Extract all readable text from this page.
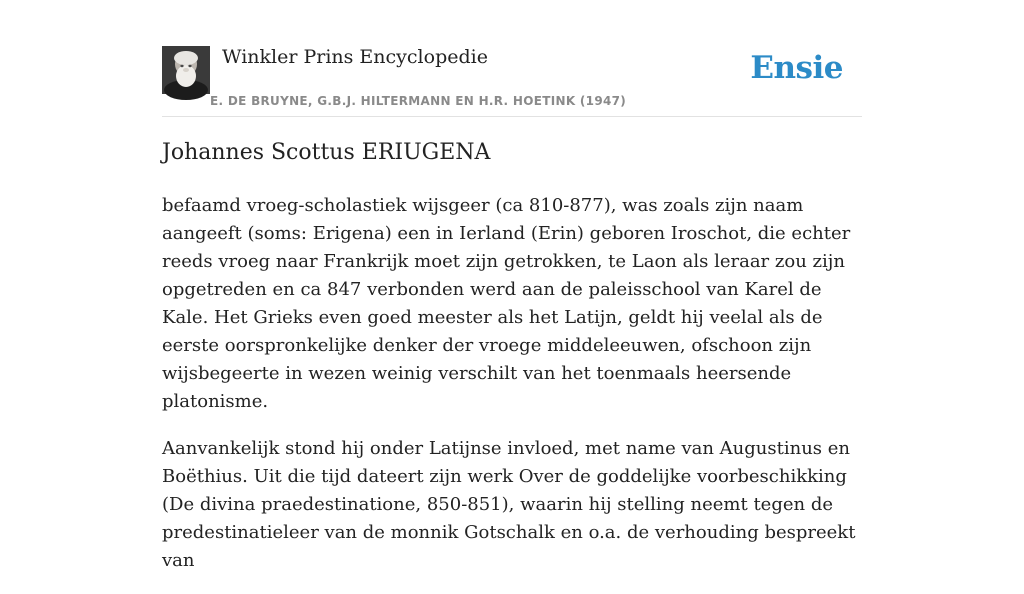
Winkler Prins Encyclopedie
E. DE BRUYNE, G.B.J. HILTERMANN EN H.R. HOETINK (1947)
Ensie
Johannes Scottus ERIUGENA

befaamd vroeg-scholastiek wijsgeer (ca 810-877), was zoals zijn naam aangeeft (soms: Erigena) een in Ierland (Erin) geboren Iroschot, die echter reeds vroeg naar Frankrijk moet zijn getrokken, te Laon als leraar zou zijn opgetreden en ca 847 verbonden werd aan de paleisschool van Karel de Kale. Het Grieks even goed meester als het Latijn, geldt hij veelal als de eerste oorspronkelijke denker der vroege middeleeuwen, ofschoon zijn wijsbegeerte in wezen weinig verschilt van het toenmaals heersende platonisme.

Aanvankelijk stond hij onder Latijnse invloed, met name van Augustinus en Boëthius. Uit die tijd dateert zijn werk Over de goddelijke voorbeschikking (De divina praedestinatione, 850-851), waarin hij stelling neemt tegen de predestinatieleer van de monnik Gotschalk en o.a. de verhouding bespreekt van
